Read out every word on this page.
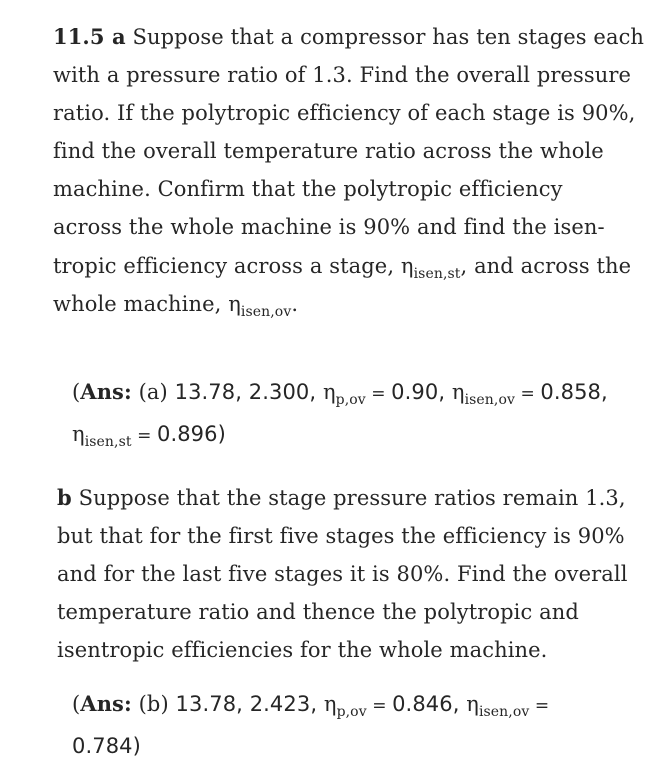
11.5 a Suppose that a compressor has ten stages each
with a pressure ratio of 1.3. Find the overall pressure
ratio. If the polytropic efficiency of each stage is 90%,
find the overall temperature ratio across the whole
machine. Confirm that the polytropic efficiency
across the whole machine is 90% and find the isen-
tropic efficiency across a stage, $\eta_{isen,st}$, and across the
whole machine, $\eta_{isen,ov}$.
(Ans: (a) 13.78, 2.300, $\eta_{p,ov} = 0.90$, $\eta_{isen,ov} = 0.858$,
$\eta_{isen,st} = 0.896$)
b Suppose that the stage pressure ratios remain 1.3,
but that for the first five stages the efficiency is 90%
and for the last five stages it is 80%. Find the overall
temperature ratio and thence the polytropic and
isentropic efficiencies for the whole machine.
(Ans: (b) 13.78, 2.423, $\eta_{p,ov} = 0.846$, $\eta_{isen,ov}$ =
0.784)
